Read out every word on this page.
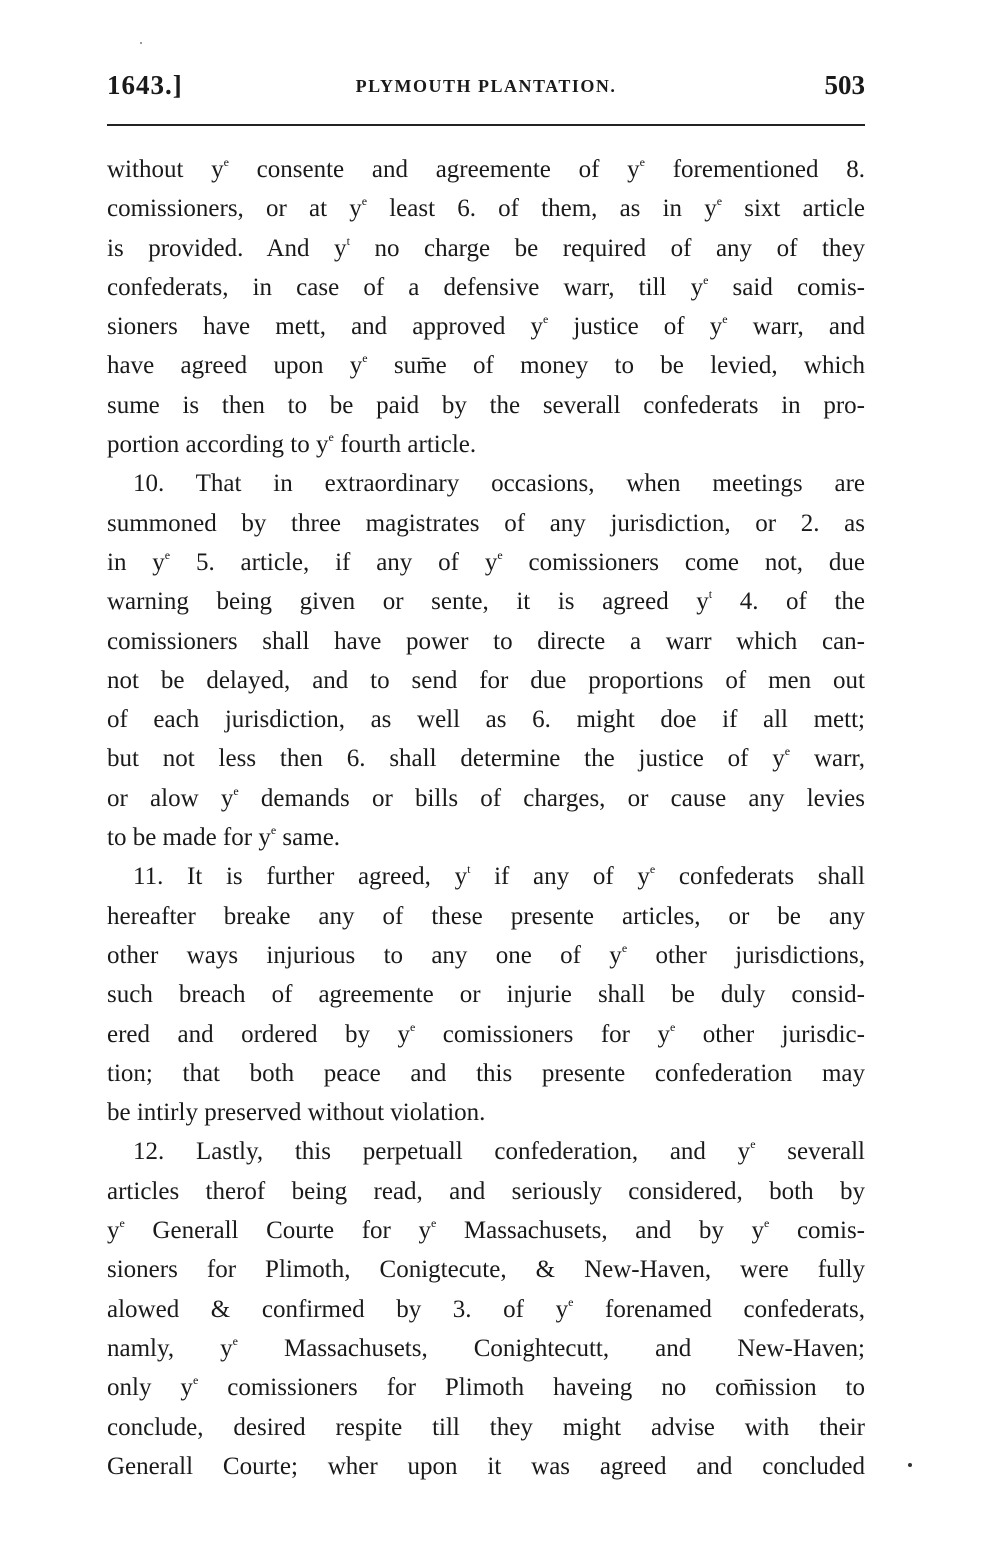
1643.]	PLYMOUTH PLANTATION.	503
without $y^e$ consente and agreemente of $y^e$ forementioned 8.
comissioners, or at $y^e$ least 6. of them, as in $y^e$ sixt article
is provided. And $y^t$ no charge be required of any of they
confederats, in case of a defensive warr, till $y^e$ said comis-
sioners have mett, and approved $y^e$ justice of $y^e$ warr, and
have agreed upon $y^e$ sum̄e of money to be levied, which
sume is then to be paid by the severall confederats in pro-
portion according to $y^e$ fourth article.
10. That in extraordinary occasions, when meetings are
summoned by three magistrates of any jurisdiction, or 2. as
in $y^e$ 5. article, if any of $y^e$ comissioners come not, due
warning being given or sente, it is agreed $y^t$ 4. of the
comissioners shall have power to directe a warr which can-
not be delayed, and to send for due proportions of men out
of each jurisdiction, as well as 6. might doe if all mett;
but not less then 6. shall determine the justice of $y^e$ warr,
or alow $y^e$ demands or bills of charges, or cause any levies
to be made for $y^e$ same.
11. It is further agreed, $y^t$ if any of $y^e$ confederats shall
hereafter breake any of these presente articles, or be any
other ways injurious to any one of $y^e$ other jurisdictions,
such breach of agreemente or injurie shall be duly consid-
ered and ordered by $y^e$ comissioners for $y^e$ other jurisdic-
tion; that both peace and this presente confederation may
be intirly preserved without violation.
12. Lastly, this perpetuall confederation, and $y^e$ severall
articles therof being read, and seriously considered, both by
$y^e$ Generall Courte for $y^e$ Massachusets, and by $y^e$ comis-
sioners for Plimoth, Conigtecute, & New-Haven, were fully
alowed & confirmed by 3. of $y^e$ forenamed confederats,
namly, $y^e$ Massachusets, Conightecutt, and New-Haven;
only $y^e$ comissioners for Plimoth haveing no com̄ission to
conclude, desired respite till they might advise with their
Generall Courte; wher upon it was agreed and concluded
